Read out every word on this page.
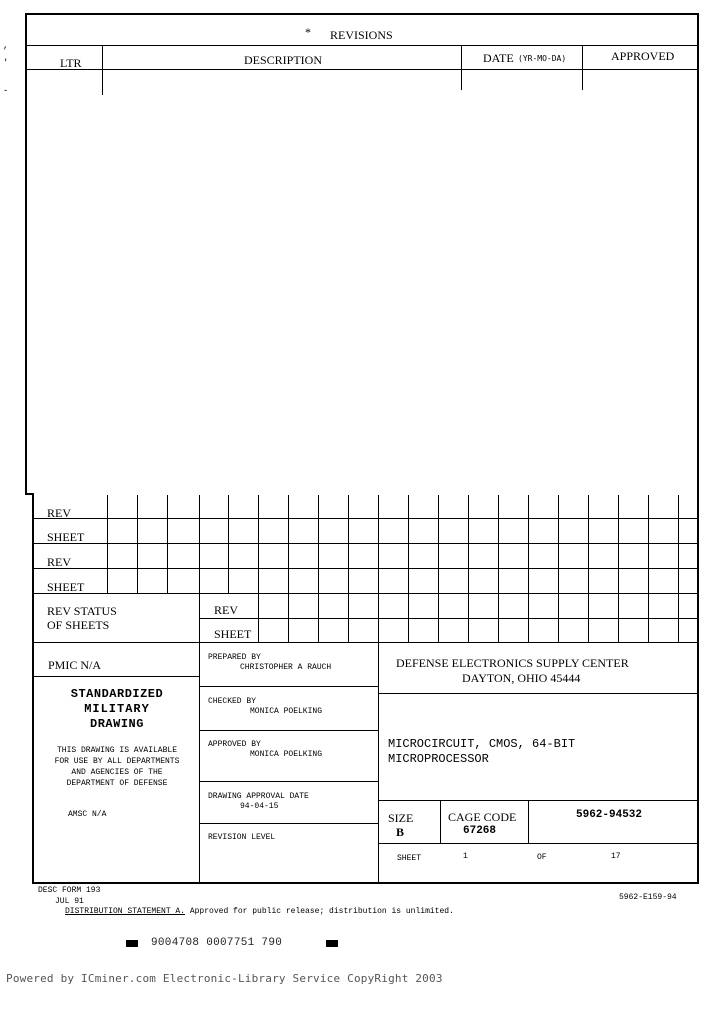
,
'
-
* REVISIONS
LTR	DESCRIPTION	DATE (YR-MO-DA)	APPROVED
REV
SHEET
REV
SHEET
REV STATUS
OF SHEETS
REV
SHEET
PMIC N/A
STANDARDIZED
MILITARY
DRAWING
THIS DRAWING IS AVAILABLE
FOR USE BY ALL DEPARTMENTS
AND AGENCIES OF THE
DEPARTMENT OF DEFENSE
AMSC N/A
PREPARED BY
CHRISTOPHER A RAUCH
CHECKED BY
MONICA POELKING
APPROVED BY
MONICA POELKING
DRAWING APPROVAL DATE
94-04-15
REVISION LEVEL
DEFENSE ELECTRONICS SUPPLY CENTER
DAYTON, OHIO 45444
MICROCIRCUIT, CMOS, 64-BIT
MICROPROCESSOR
SIZE
B
CAGE CODE
67268
5962-94532
SHEET	1	OF	17
DESC FORM 193
JUL 91	5962-E159-94
DISTRIBUTION STATEMENT A. Approved for public release; distribution is unlimited.
9004708 0007751 790
Powered by ICminer.com Electronic-Library Service CopyRight 2003
